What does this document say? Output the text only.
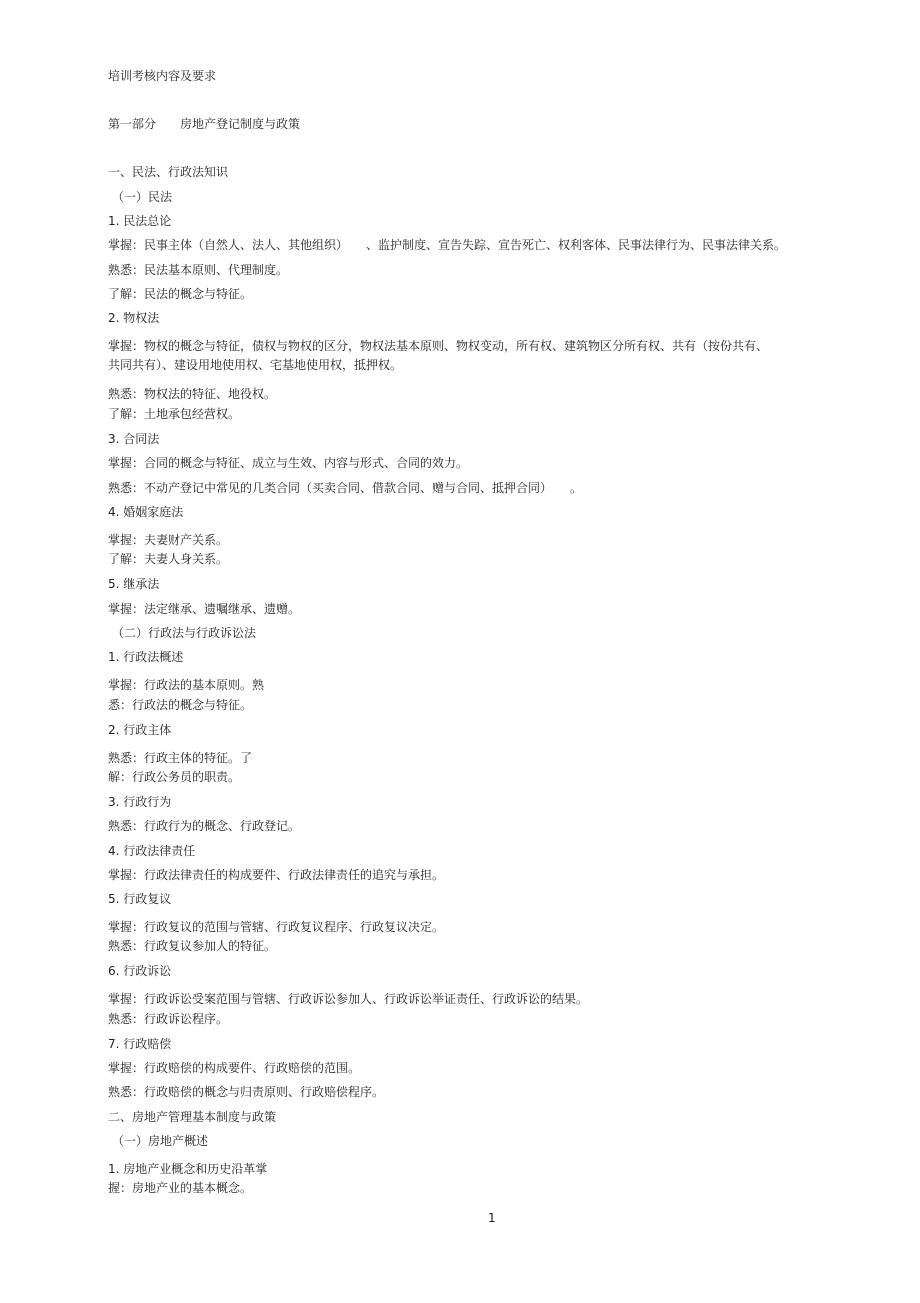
培训考核内容及要求
第一部分 房地产登记制度与政策
一、民法、行政法知识
（一）民法
1. 民法总论
掌握：民事主体（自然人、法人、其他组织）　　、监护制度、宣告失踪、宣告死亡、权利客体、民事法律行为、民事法律关系。
熟悉：民法基本原则、代理制度。
了解：民法的概念与特征。
2. 物权法
掌握：物权的概念与特征，债权与物权的区分，物权法基本原则、物权变动，所有权、建筑物区分所有权、共有（按份共有、
共同共有）、建设用地使用权、宅基地使用权，抵押权。
熟悉：物权法的特征、地役权。
了解：土地承包经营权。
3. 合同法
掌握：合同的概念与特征、成立与生效、内容与形式、合同的效力。
熟悉：不动产登记中常见的几类合同（买卖合同、借款合同、赠与合同、抵押合同）　　。
4. 婚姻家庭法
掌握：夫妻财产关系。
了解：夫妻人身关系。
5. 继承法
掌握：法定继承、遗嘱继承、遗赠。
（二）行政法与行政诉讼法
1. 行政法概述
掌握：行政法的基本原则。熟
悉：行政法的概念与特征。
2. 行政主体
熟悉：行政主体的特征。了
解：行政公务员的职责。
3. 行政行为
熟悉：行政行为的概念、行政登记。
4. 行政法律责任
掌握：行政法律责任的构成要件、行政法律责任的追究与承担。
5. 行政复议
掌握：行政复议的范围与管辖、行政复议程序、行政复议决定。
熟悉：行政复议参加人的特征。
6. 行政诉讼
掌握：行政诉讼受案范围与管辖、行政诉讼参加人、行政诉讼举证责任、行政诉讼的结果。
熟悉：行政诉讼程序。
7. 行政赔偿
掌握：行政赔偿的构成要件、行政赔偿的范围。
熟悉：行政赔偿的概念与归责原则、行政赔偿程序。
二、房地产管理基本制度与政策
（一）房地产概述
1. 房地产业概念和历史沿革掌
握：房地产业的基本概念。
1
